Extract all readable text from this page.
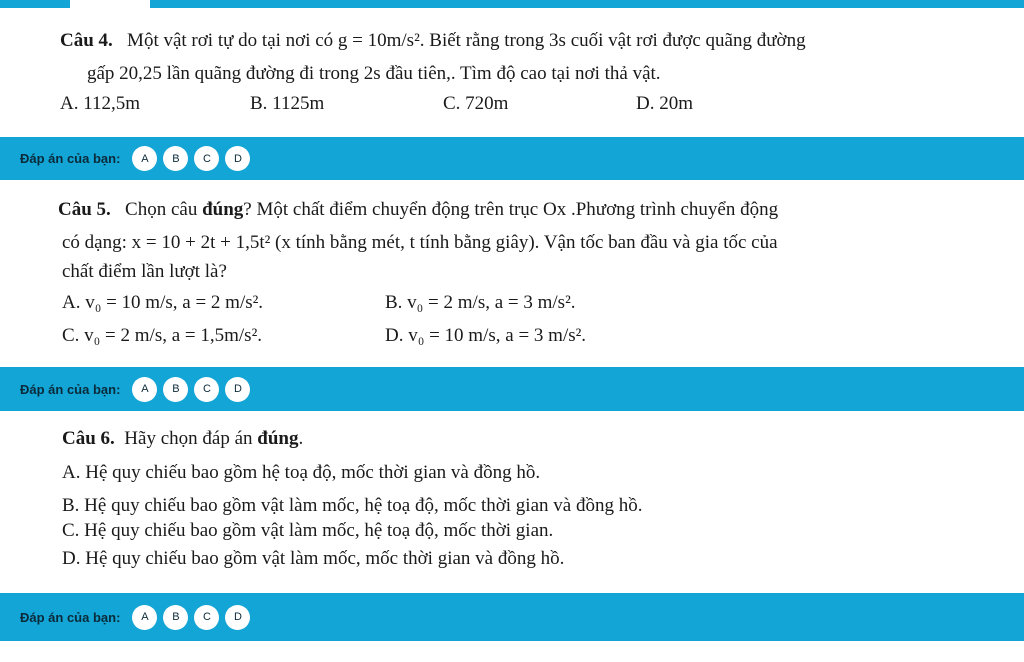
Câu 4. Một vật rơi tự do tại nơi có g = 10m/s². Biết rằng trong 3s cuối vật rơi được quãng đường
gấp 20,25 lần quãng đường đi trong 2s đầu tiên,. Tìm độ cao tại nơi thả vật.
A. 112,5m	B. 1125m	C. 720m	D. 20m
Đáp án của bạn:	A	B	C	D
Câu 5. Chọn câu đúng? Một chất điểm chuyển động trên trục Ox .Phương trình chuyển động
có dạng: x = 10 + 2t + 1,5t² (x tính bằng mét, t tính bằng giây). Vận tốc ban đầu và gia tốc của
chất điểm lần lượt là?
A. v₀ = 10 m/s, a = 2 m/s².	B. v₀ = 2 m/s, a = 3 m/s².
C. v₀ = 2 m/s, a = 1,5m/s².	D. v₀ = 10 m/s, a = 3 m/s².
Đáp án của bạn:	A	B	C	D
Câu 6. Hãy chọn đáp án đúng.
A. Hệ quy chiếu bao gồm hệ toạ độ, mốc thời gian và đồng hồ.
B. Hệ quy chiếu bao gồm vật làm mốc, hệ toạ độ, mốc thời gian và đồng hồ.
C. Hệ quy chiếu bao gồm vật làm mốc, hệ toạ độ, mốc thời gian.
D. Hệ quy chiếu bao gồm vật làm mốc, mốc thời gian và đồng hồ.
Đáp án của bạn:	A	B	C	D
